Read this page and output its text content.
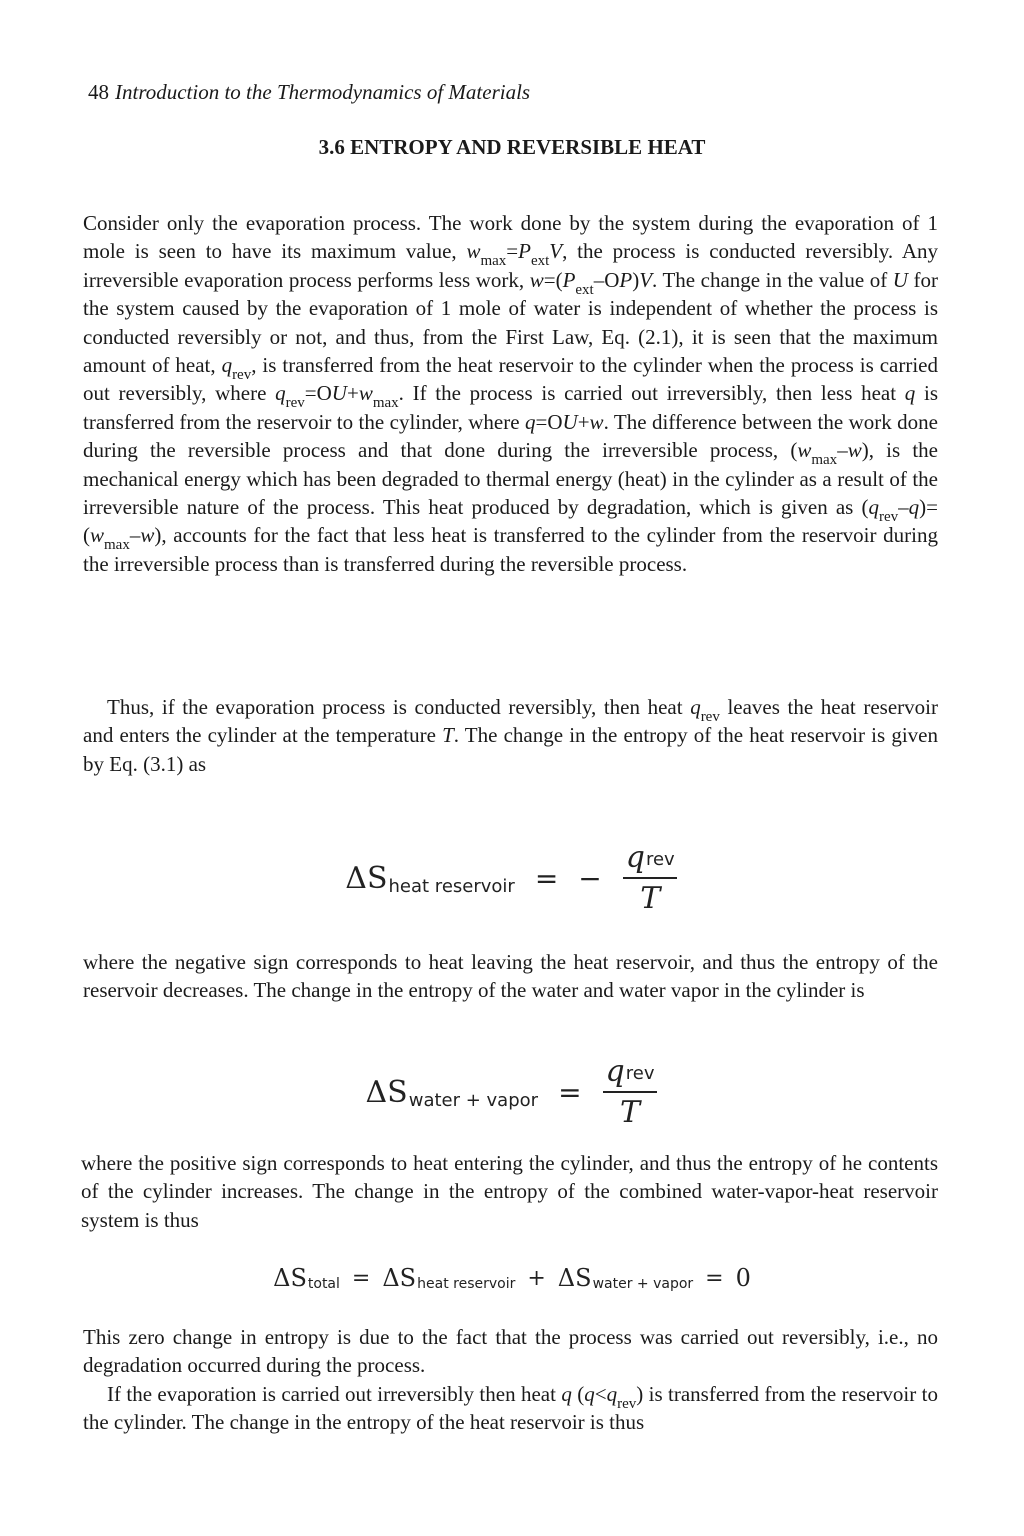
48 Introduction to the Thermodynamics of Materials
3.6 ENTROPY AND REVERSIBLE HEAT
Consider only the evaporation process. The work done by the system during the evaporation of 1 mole is seen to have its maximum value, $w_{max}=P_{ext}V$, the process is conducted reversibly. Any irreversible evaporation process performs less work, $w=(P_{ext}-OP)V$. The change in the value of U for the system caused by the evaporation of 1 mole of water is independent of whether the process is conducted reversibly or not, and thus, from the First Law, Eq. (2.1), it is seen that the maximum amount of heat, $q_{rev}$, is transferred from the heat reservoir to the cylinder when the process is carried out reversibly, where $q_{rev}=OU+w_{max}$. If the process is carried out irreversibly, then less heat q is transferred from the reservoir to the cylinder, where q=OU+w. The difference between the work done during the reversible process and that done during the irreversible process, $(w_{max}-w)$, is the mechanical energy which has been degraded to thermal energy (heat) in the cylinder as a result of the irreversible nature of the process. This heat produced by degradation, which is given as $(q_{rev}-q)=(w_{max}-w)$, accounts for the fact that less heat is transferred to the cylinder from the reservoir during the irreversible process than is transferred during the reversible process.
Thus, if the evaporation process is conducted reversibly, then heat $q_{rev}$ leaves the heat reservoir and enters the cylinder at the temperature T. The change in the entropy of the heat reservoir is given by Eq. (3.1) as
ΔS heat reservoir = − $\frac{\text{qrev}}{T}$
where the negative sign corresponds to heat leaving the heat reservoir, and thus the entropy of the reservoir decreases. The change in the entropy of the water and water vapor in the cylinder is
ΔS water + vapor = $\frac{\text{qrev}}{T}$
where the positive sign corresponds to heat entering the cylinder, and thus the entropy of he contents of the cylinder increases. The change in the entropy of the combined water-vapor-heat reservoir system is thus
ΔS total = ΔS heat reservoir + ΔS water + vapor = 0
This zero change in entropy is due to the fact that the process was carried out reversibly, i.e., no degradation occurred during the process.
If the evaporation is carried out irreversibly then heat q $(q<q_{rev})$ is transferred from the reservoir to the cylinder. The change in the entropy of the heat reservoir is thus
